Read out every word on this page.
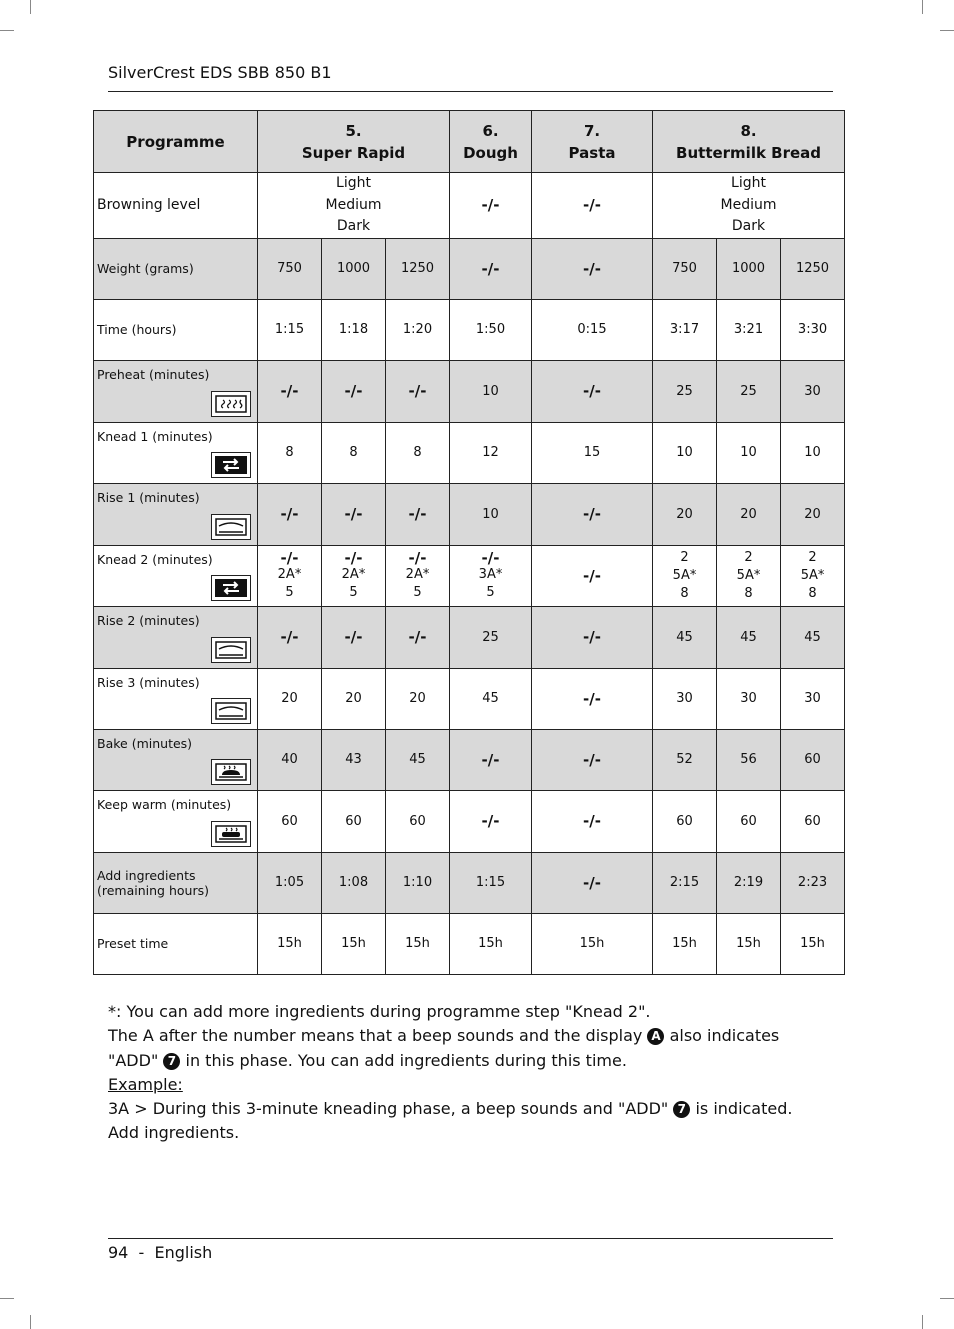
SilverCrest EDS SBB 850 B1
Programme	5.
Super Rapid			6.
Dough	7.
Pasta	8.
Buttermilk Bread		
Browning level	Light
Medium
Dark			-/-	-/-	Light
Medium
Dark		
Weight (grams)	750	1000	1250	-/-	-/-	750	1000	1250
Time (hours)	1:15	1:18	1:20	1:50	0:15	3:17	3:21	3:30
Preheat (minutes)	-/-	-/-	-/-	10	-/-	25	25	30
Knead 1 (minutes)	8	8	8	12	15	10	10	10
Rise 1 (minutes)	-/-	-/-	-/-	10	-/-	20	20	20
Knead 2 (minutes)	-/-
2A*
5	-/-
2A*
5	-/-
2A*
5	-/-
3A*
5	-/-	2
5A*
8	2
5A*
8	2
5A*
8
Rise 2 (minutes)	-/-	-/-	-/-	25	-/-	45	45	45
Rise 3 (minutes)	20	20	20	45	-/-	30	30	30
Bake (minutes)	40	43	45	-/-	-/-	52	56	60
Keep warm (minutes)	60	60	60	-/-	-/-	60	60	60
Add ingredients (remaining hours)	1:05	1:08	1:10	1:15	-/-	2:15	2:19	2:23
Preset time	15h	15h	15h	15h	15h	15h	15h	15h

*: You can add more ingredients during programme step "Knead 2".

The A after the number means that a beep sounds and the display A also indicates "ADD" 7 in this phase. You can add ingredients during this time.

Example:

3A > During this 3-minute kneading phase, a beep sounds and "ADD" 7 is indicated. Add ingredients.

94 - English
